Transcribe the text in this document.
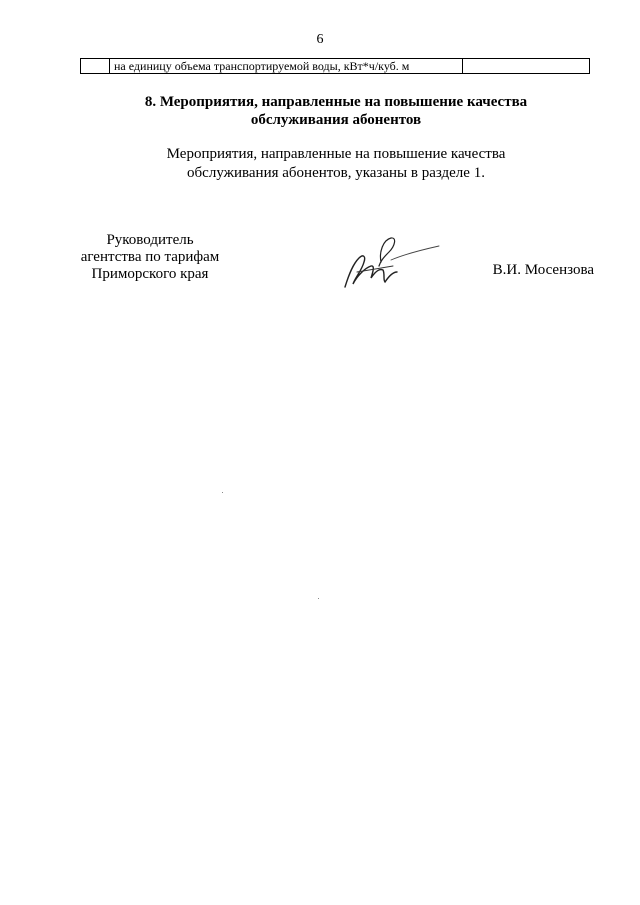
6
	на единицу объема транспортируемой воды, кВт*ч/куб. м	
8. Мероприятия, направленные на повышение качества
обслуживания абонентов
Мероприятия, направленные на повышение качества
обслуживания абонентов, указаны в разделе 1.
Руководитель
агентства по тарифам
Приморского края	В.И. Мосензова
